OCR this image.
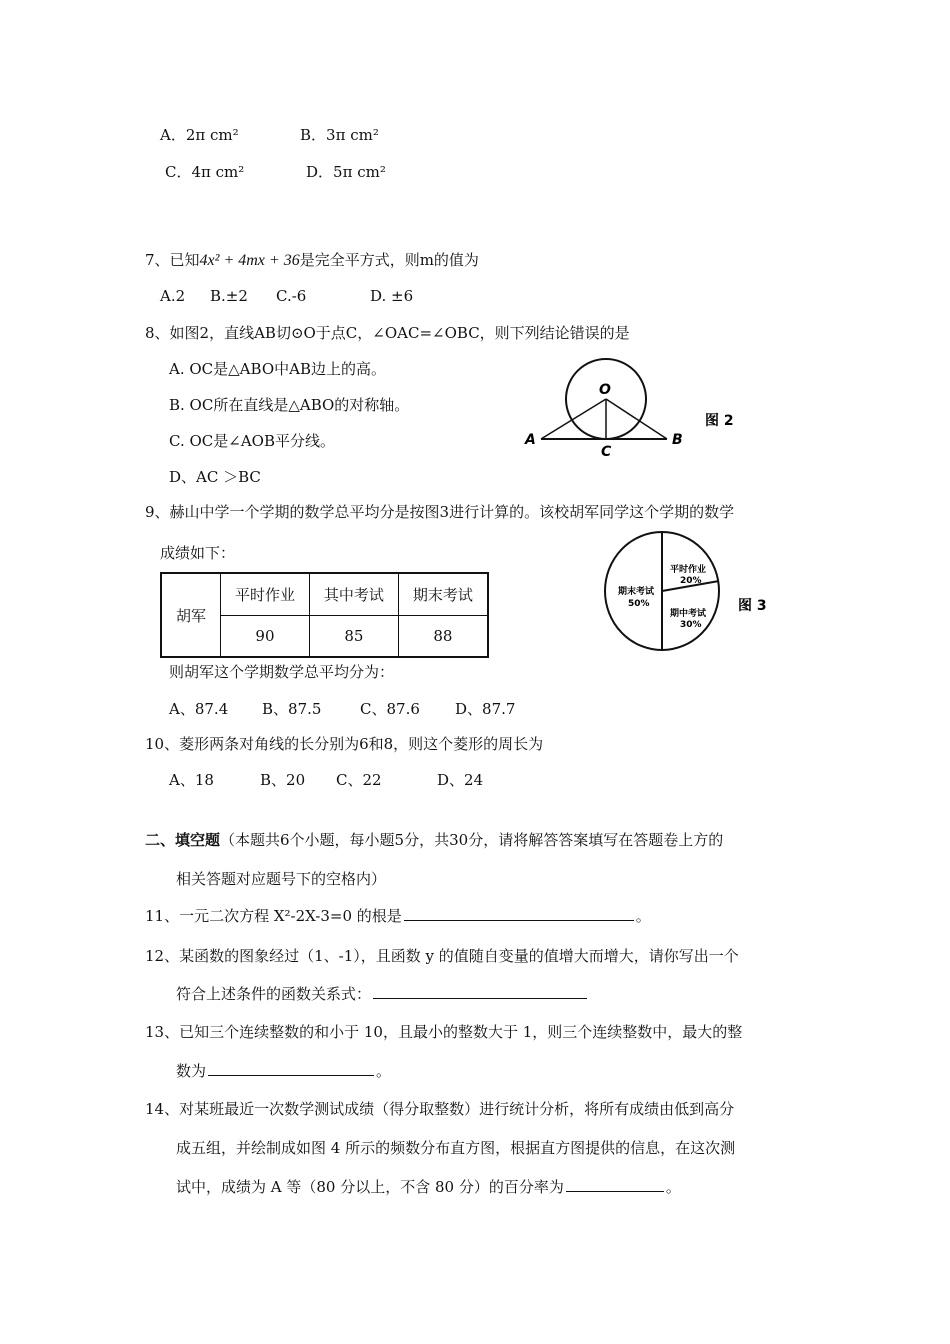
A．2π cm²	B．3π cm²
C．4π cm²	D．5π cm²
7、已知4x² + 4mx + 36是完全平方式，则m的值为
A.2 B.±2 C.-6	D. ±6
8、如图2，直线AB切⊙O于点C，∠OAC=∠OBC，则下列结论错误的是
A. OC是△ABO中AB边上的高。
B. OC所在直线是△ABO的对称轴。
C. OC是∠AOB平分线。
D、AC ＞BC
O
A	B
C
图 2
9、赫山中学一个学期的数学总平均分是按图3进行计算的。该校胡军同学这个学期的数学
成绩如下：
胡军	平时作业	其中考试	期末考试
	90	85	88
平时作业
20%
期中考试
30%
期末考试
50%	图 3
则胡军这个学期数学总平均分为：
A、87.4 B、87.5	C、87.6 D、87.7
10、菱形两条对角线的长分别为6和8，则这个菱形的周长为
A、18	B、20 C、22	D、24
二、填空题（本题共6个小题，每小题5分，共30分，请将解答答案填写在答题卷上方的
相关答题对应题号下的空格内）
11、一元二次方程 X²-2X-3=0 的根是	。
12、某函数的图象经过（1、-1），且函数 y 的值随自变量的值增大而增大，请你写出一个
符合上述条件的函数关系式：
13、已知三个连续整数的和小于 10，且最小的整数大于 1，则三个连续整数中，最大的整
数为	。
14、对某班最近一次数学测试成绩（得分取整数）进行统计分析，将所有成绩由低到高分
成五组，并绘制成如图 4 所示的频数分布直方图，根据直方图提供的信息，在这次测
试中，成绩为 A 等（80 分以上，不含 80 分）的百分率为	。
